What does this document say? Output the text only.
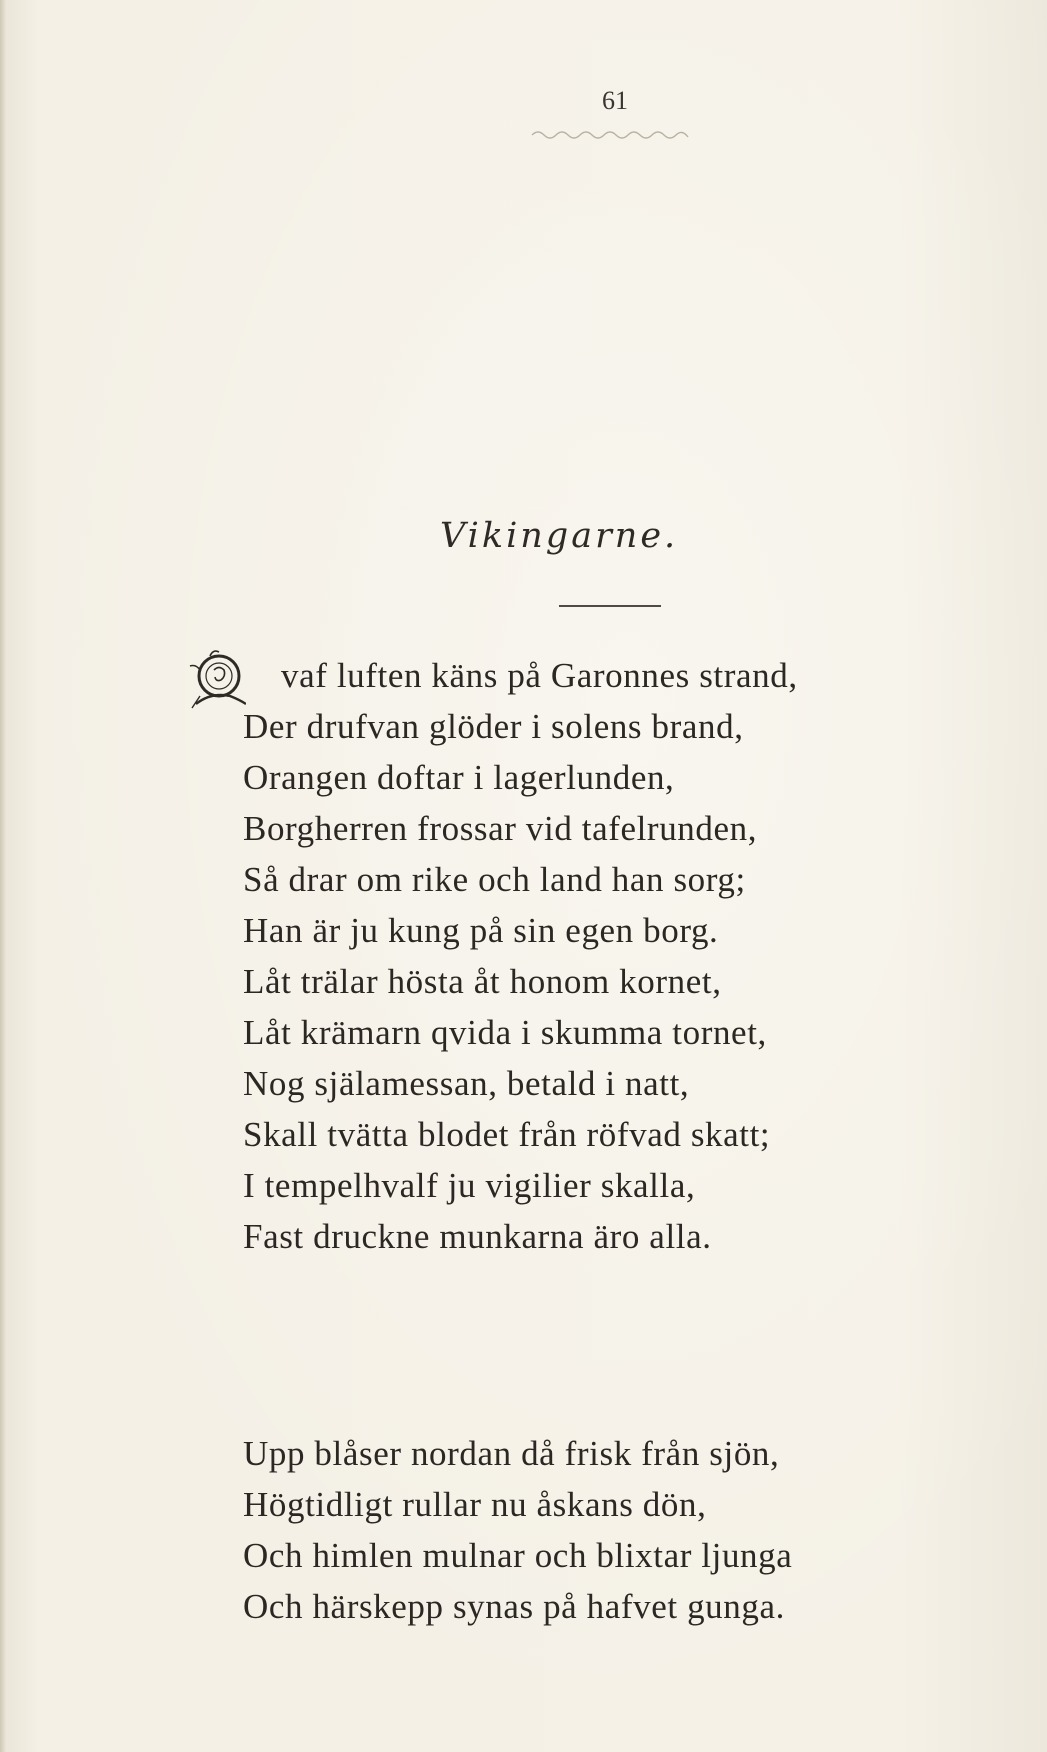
61
Vikingarne.
vaf luften käns på Garonnes strand,
Der drufvan glöder i solens brand,
Orangen doftar i lagerlunden,
Borgherren frossar vid tafelrunden,
Så drar om rike och land han sorg;
Han är ju kung på sin egen borg.
Låt trälar hösta åt honom kornet,
Låt krämarn qvida i skumma tornet,
Nog själamessan, betald i natt,
Skall tvätta blodet från röfvad skatt;
I tempelhvalf ju vigilier skalla,
Fast druckne munkarna äro alla.
Upp blåser nordan då frisk från sjön,
Högtidligt rullar nu åskans dön,
Och himlen mulnar och blixtar ljunga
Och härskepp synas på hafvet gunga.
